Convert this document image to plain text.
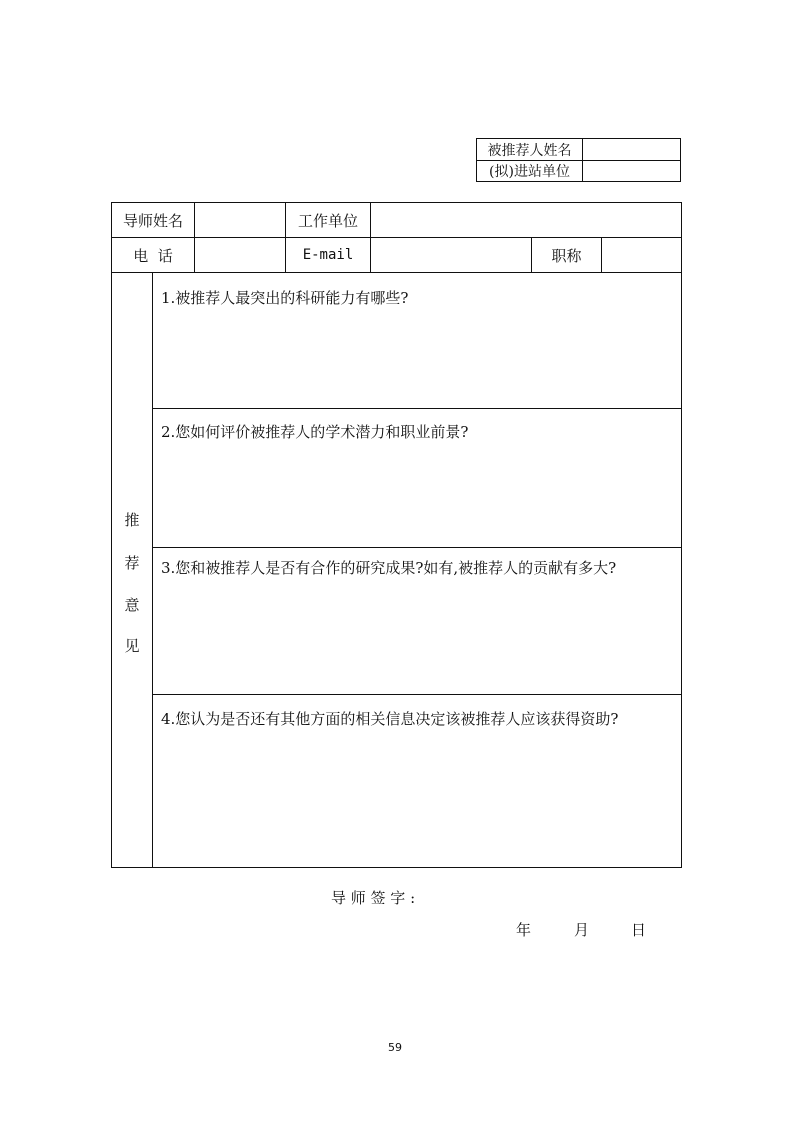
被推荐人姓名
(拟)进站单位
导师姓名	工作单位
电  话	E-mail	职称
推
荐
意
见
1.被推荐人最突出的科研能力有哪些?
2.您如何评价被推荐人的学术潜力和职业前景?
3.您和被推荐人是否有合作的研究成果?如有,被推荐人的贡献有多大?
4.您认为是否还有其他方面的相关信息决定该被推荐人应该获得资助?
导 师 签 字 :
年	月	日
59
